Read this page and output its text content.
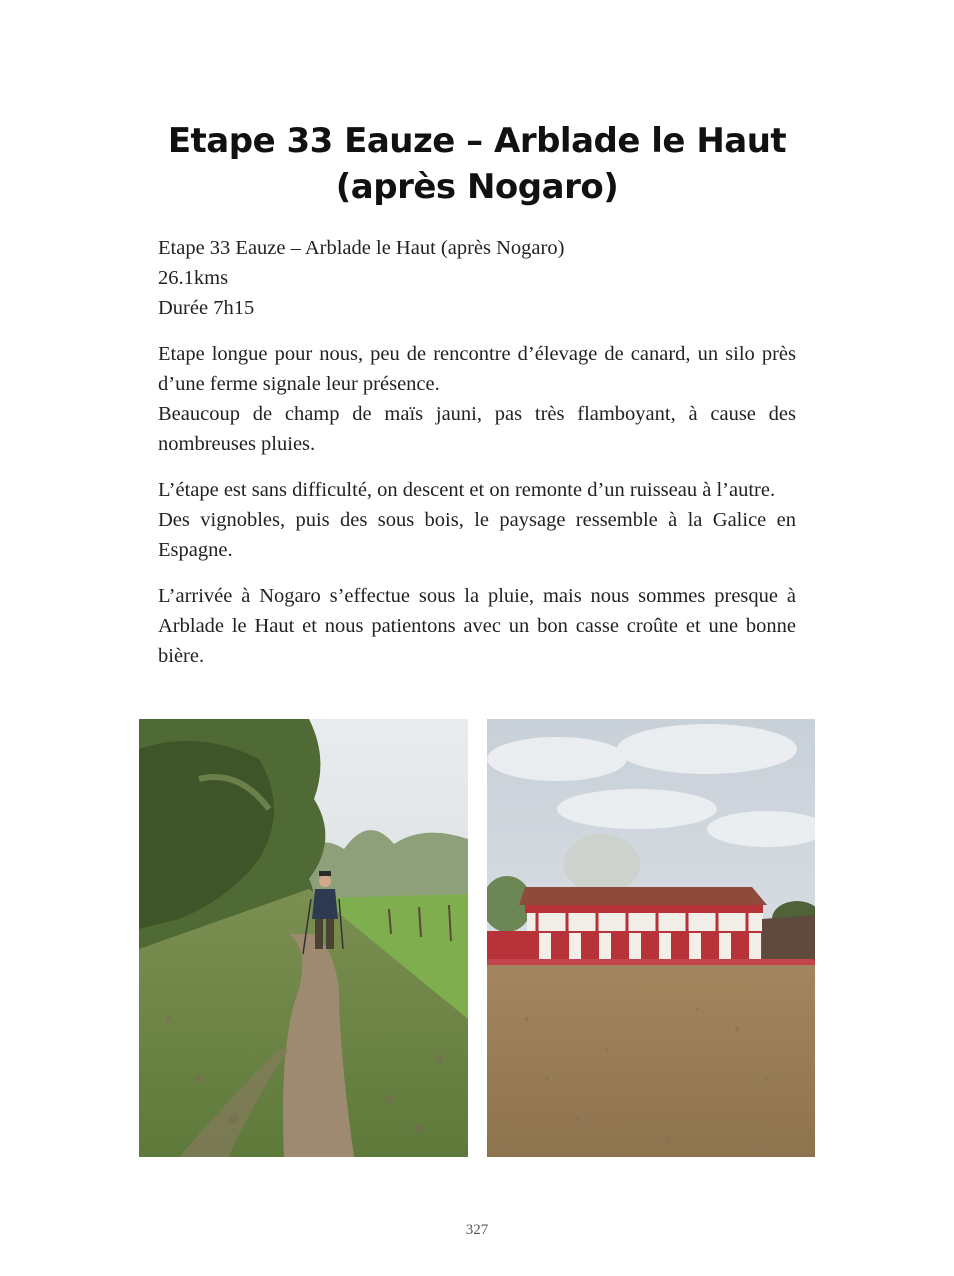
Etape 33 Eauze – Arblade le Haut
(après Nogaro)

Etape 33 Eauze – Arblade le Haut (après Nogaro)
26.1kms
Durée 7h15

Etape longue pour nous, peu de rencontre d’élevage de canard, un silo près d’une ferme signale leur présence.
Beaucoup de champ de maïs jauni, pas très flamboyant, à cause des nombreuses pluies.

L’étape est sans difficulté, on descent et on remonte d’un ruisseau à l’autre.
Des vignobles, puis des sous bois, le paysage ressemble à la Galice en Espagne.

L’arrivée à Nogaro s’effectue sous la pluie, mais nous sommes presque à Arblade le Haut et nous patientons avec un bon casse croûte et une bonne bière.

327
